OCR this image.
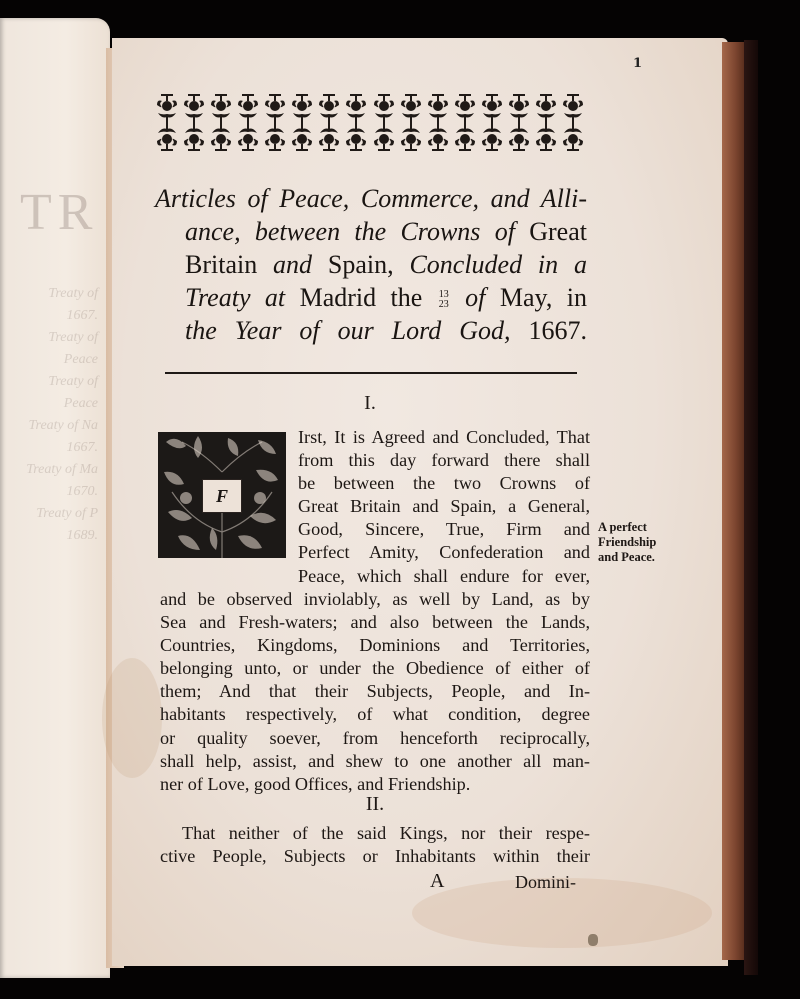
TR
Treaty of
1667.
Treaty of Peace
Treaty of Peace
Treaty of Na
1667.
Treaty of Ma
1670.
Treaty of P
1689.
1
Articles of Peace, Commerce, and Alli-
ance, between the Crowns of Great
Britain and Spain, Concluded in a
Treaty at Madrid the 13
23 of May, in
the Year of our Lord God, 1667.
I.
F
Irst, It is Agreed and Concluded, That
from this day forward there shall
be between the two Crowns of
Great Britain and Spain, a General,
Good, Sincere, True, Firm and
Perfect Amity, Confederation and
Peace, which shall endure for ever,
and be observed inviolably, as well by Land, as by
Sea and Fresh-waters; and also between the Lands,
Countries, Kingdoms, Dominions and Territories,
belonging unto, or under the Obedience of either of
them; And that their Subjects, People, and In-
habitants respectively, of what condition, degree
or quality soever, from henceforth reciprocally,
shall help, assist, and shew to one another all man-
ner of Love, good Offices, and Friendship.
A perfect
Friendship
and Peace.
II.
That neither of the said Kings, nor their respe-
ctive People, Subjects or Inhabitants within their
A	Domini-
